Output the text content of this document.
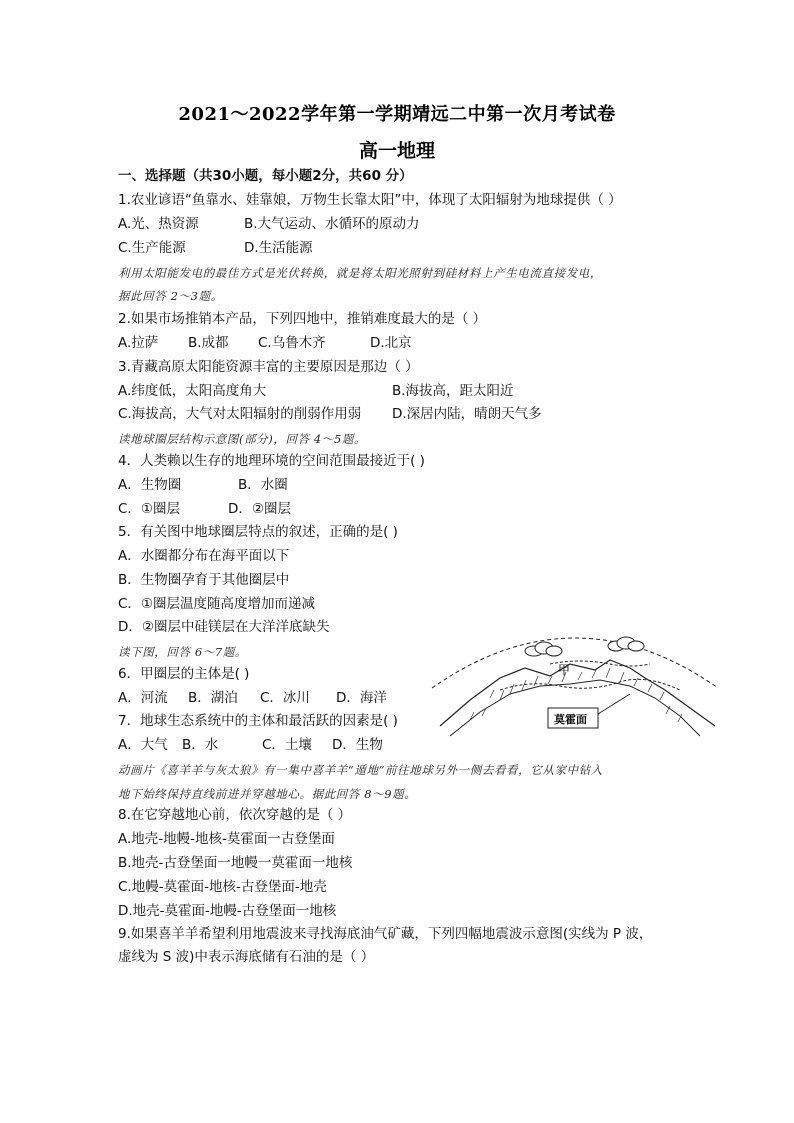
2021～2022学年第一学期靖远二中第一次月考试卷
高一地理
一、选择题（共30小题，每小题2分，共60 分）
1.农业谚语“鱼靠水、娃靠娘，万物生长靠太阳”中，体现了太阳辐射为地球提供（ ）
A.光、热资源	B.大气运动、水循环的原动力
C.生产能源	D.生活能源
利用太阳能发电的最佳方式是光伏转换，就是将太阳光照射到硅材料上产生电流直接发电，
据此回答 2～3题。
2.如果市场推销本产品，下列四地中，推销难度最大的是（ ）
A.拉萨 B.成都 C.乌鲁木齐	D.北京
3.青藏高原太阳能资源丰富的主要原因是那边（ ）
A.纬度低，太阳高度角大	B.海拔高，距太阳近
C.海拔高，大气对太阳辐射的削弱作用弱 D.深居内陆，晴朗天气多
读地球圈层结构示意图(部分)，回答 4～5题。
4．人类赖以生存的地理环境的空间范围最接近于( )
A．生物圈	B．水圈
C．①圈层	D．②圈层
5．有关图中地球圈层特点的叙述，正确的是( )
A．水圈都分布在海平面以下
B．生物圈孕育于其他圈层中
C．①圈层温度随高度增加而递减
D．②圈层中硅镁层在大洋洋底缺失
读下图，回答 6～7题。
6．甲圈层的主体是( )
A．河流 B．湖泊 C．冰川 D．海洋
7．地球生态系统中的主体和最活跃的因素是( )
A．大气 B．水	C．土壤 D．生物
甲
莫霍面
动画片《喜羊羊与灰太狼》有一集中喜羊羊“遁地”前往地球另外一侧去看看，它从家中钻入
地下始终保持直线前进并穿越地心。据此回答 8～9题。
8.在它穿越地心前，依次穿越的是（ ）
A.地壳-地幔-地核-莫霍面一古登堡面
B.地壳-古登堡面一地幔一莫霍面一地核
C.地幔-莫霍面-地核-古登堡面-地壳
D.地壳-莫霍面-地幔-古登堡面一地核
9.如果喜羊羊希望利用地震波来寻找海底油气矿藏，下列四幅地震波示意图(实线为 P 波，
虚线为 S 波)中表示海底储有石油的是（ ）
